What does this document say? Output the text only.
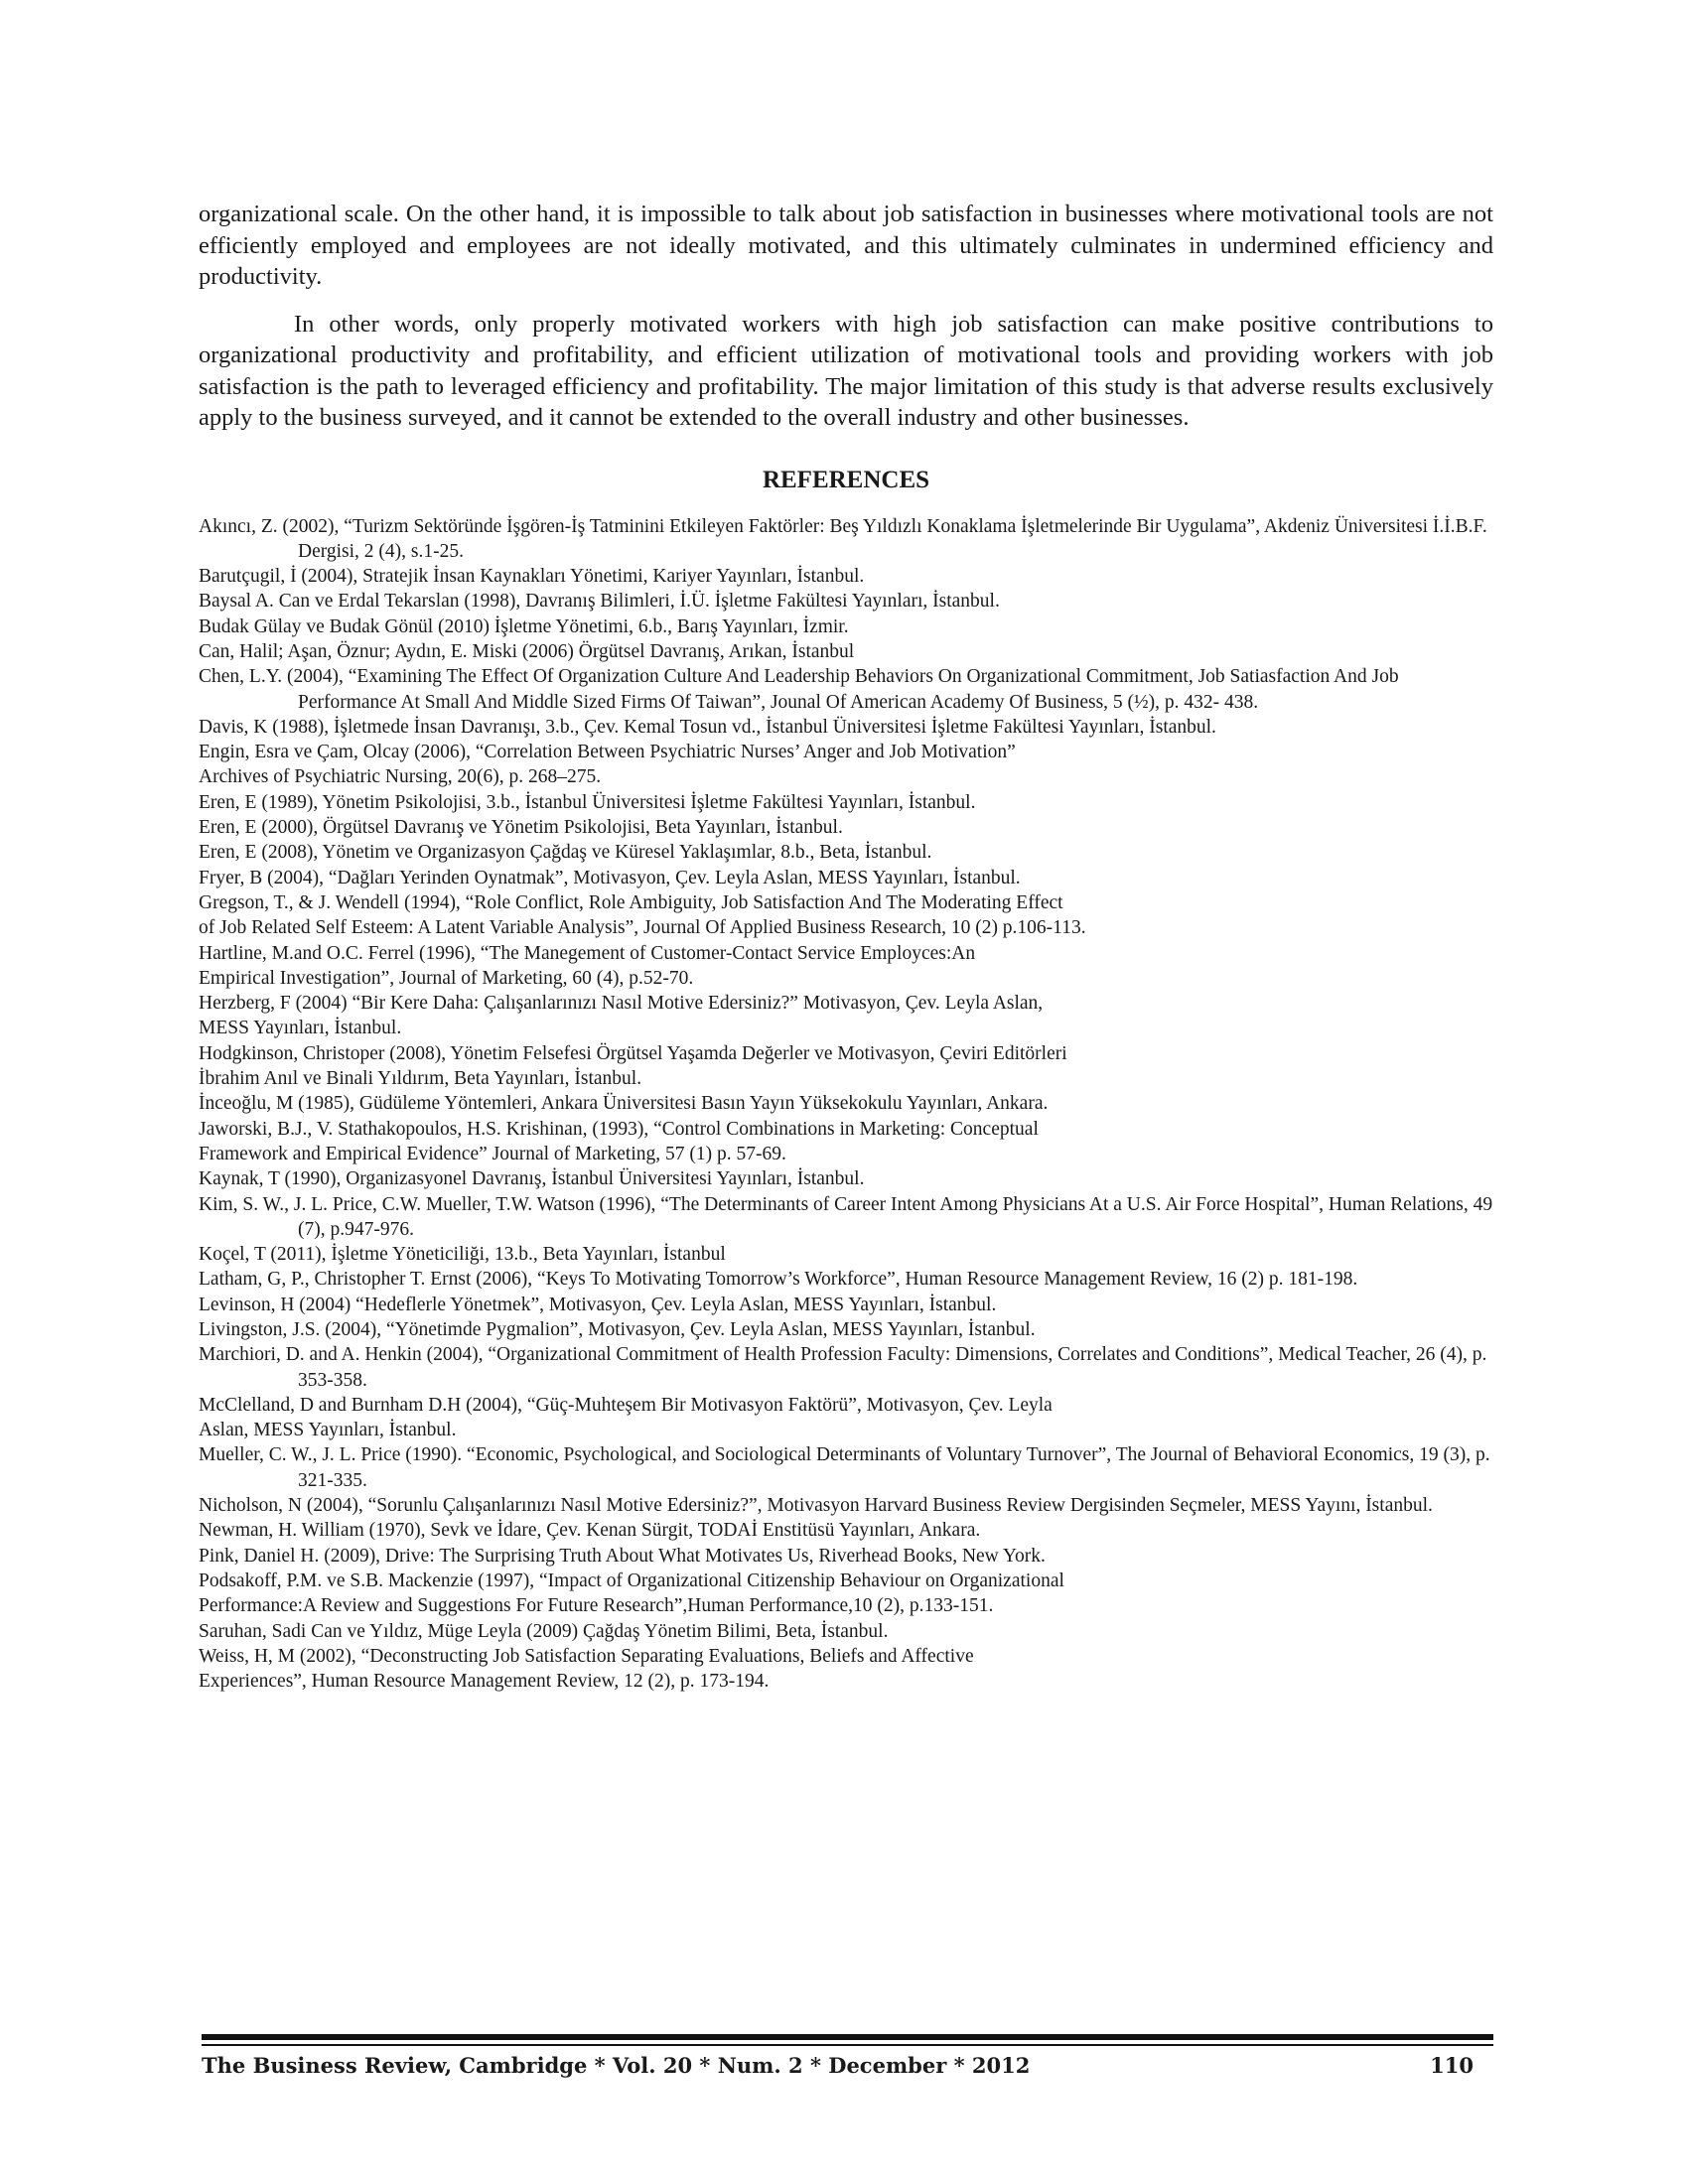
organizational scale. On the other hand, it is impossible to talk about job satisfaction in businesses where motivational tools are not efficiently employed and employees are not ideally motivated, and this ultimately culminates in undermined efficiency and productivity.

In other words, only properly motivated workers with high job satisfaction can make positive contributions to organizational productivity and profitability, and efficient utilization of motivational tools and providing workers with job satisfaction is the path to leveraged efficiency and profitability. The major limitation of this study is that adverse results exclusively apply to the business surveyed, and it cannot be extended to the overall industry and other businesses.

REFERENCES

Akıncı, Z. (2002), “Turizm Sektöründe İşgören-İş Tatminini Etkileyen Faktörler: Beş Yıldızlı Konaklama İşletmelerinde Bir Uygulama”, Akdeniz Üniversitesi İ.İ.B.F. Dergisi, 2 (4), s.1-25.

Barutçugil, İ (2004), Stratejik İnsan Kaynakları Yönetimi, Kariyer Yayınları, İstanbul.

Baysal A. Can ve Erdal Tekarslan (1998), Davranış Bilimleri, İ.Ü. İşletme Fakültesi Yayınları, İstanbul.

Budak Gülay ve Budak Gönül (2010) İşletme Yönetimi, 6.b., Barış Yayınları, İzmir.

Can, Halil; Aşan, Öznur; Aydın, E. Miski (2006) Örgütsel Davranış, Arıkan, İstanbul

Chen, L.Y. (2004), “Examining The Effect Of Organization Culture And Leadership Behaviors On Organizational Commitment, Job Satiasfaction And Job Performance At Small And Middle Sized Firms Of Taiwan”, Jounal Of American Academy Of Business, 5 (½), p. 432- 438.

Davis, K (1988), İşletmede İnsan Davranışı, 3.b., Çev. Kemal Tosun vd., İstanbul Üniversitesi İşletme Fakültesi Yayınları, İstanbul.

Engin, Esra ve Çam, Olcay (2006), “Correlation Between Psychiatric Nurses’ Anger and Job Motivation”

Archives of Psychiatric Nursing, 20(6), p. 268–275.

Eren, E (1989), Yönetim Psikolojisi, 3.b., İstanbul Üniversitesi İşletme Fakültesi Yayınları, İstanbul.

Eren, E (2000), Örgütsel Davranış ve Yönetim Psikolojisi, Beta Yayınları, İstanbul.

Eren, E (2008), Yönetim ve Organizasyon Çağdaş ve Küresel Yaklaşımlar, 8.b., Beta, İstanbul.

Fryer, B (2004), “Dağları Yerinden Oynatmak”, Motivasyon, Çev. Leyla Aslan, MESS Yayınları, İstanbul.

Gregson, T., & J. Wendell (1994), “Role Conflict, Role Ambiguity, Job Satisfaction And The Moderating Effect

of Job Related Self Esteem: A Latent Variable Analysis”, Journal Of Applied Business Research, 10 (2) p.106-113.

Hartline, M.and O.C. Ferrel (1996), “The Manegement of Customer-Contact Service Employces:An

Empirical Investigation”, Journal of Marketing, 60 (4), p.52-70.

Herzberg, F (2004) “Bir Kere Daha: Çalışanlarınızı Nasıl Motive Edersiniz?” Motivasyon, Çev. Leyla Aslan,

MESS Yayınları, İstanbul.

Hodgkinson, Christoper (2008), Yönetim Felsefesi Örgütsel Yaşamda Değerler ve Motivasyon, Çeviri Editörleri

İbrahim Anıl ve Binali Yıldırım, Beta Yayınları, İstanbul.

İnceoğlu, M (1985), Güdüleme Yöntemleri, Ankara Üniversitesi Basın Yayın Yüksekokulu Yayınları, Ankara.

Jaworski, B.J., V. Stathakopoulos, H.S. Krishinan, (1993), “Control Combinations in Marketing: Conceptual

Framework and Empirical Evidence” Journal of Marketing, 57 (1) p. 57-69.

Kaynak, T (1990), Organizasyonel Davranış, İstanbul Üniversitesi Yayınları, İstanbul.

Kim, S. W., J. L. Price, C.W. Mueller, T.W. Watson (1996), “The Determinants of Career Intent Among Physicians At a U.S. Air Force Hospital”, Human Relations, 49 (7), p.947-976.

Koçel, T (2011), İşletme Yöneticiliği, 13.b., Beta Yayınları, İstanbul

Latham, G, P., Christopher T. Ernst (2006), “Keys To Motivating Tomorrow’s Workforce”, Human Resource Management Review, 16 (2) p. 181-198.

Levinson, H (2004) “Hedeflerle Yönetmek”, Motivasyon, Çev. Leyla Aslan, MESS Yayınları, İstanbul.

Livingston, J.S. (2004), “Yönetimde Pygmalion”, Motivasyon, Çev. Leyla Aslan, MESS Yayınları, İstanbul.

Marchiori, D. and A. Henkin (2004), “Organizational Commitment of Health Profession Faculty: Dimensions, Correlates and Conditions”, Medical Teacher, 26 (4), p. 353-358.

McClelland, D and Burnham D.H (2004), “Güç-Muhteşem Bir Motivasyon Faktörü”, Motivasyon, Çev. Leyla

Aslan, MESS Yayınları, İstanbul.

Mueller, C. W., J. L. Price (1990). “Economic, Psychological, and Sociological Determinants of Voluntary Turnover”, The Journal of Behavioral Economics, 19 (3), p. 321-335.

Nicholson, N (2004), “Sorunlu Çalışanlarınızı Nasıl Motive Edersiniz?”, Motivasyon Harvard Business Review Dergisinden Seçmeler, MESS Yayını, İstanbul.

Newman, H. William (1970), Sevk ve İdare, Çev. Kenan Sürgit, TODAİ Enstitüsü Yayınları, Ankara.

Pink, Daniel H. (2009), Drive: The Surprising Truth About What Motivates Us, Riverhead Books, New York.

Podsakoff, P.M. ve S.B. Mackenzie (1997), “Impact of Organizational Citizenship Behaviour on Organizational

Performance:A Review and Suggestions For Future Research”,Human Performance,10 (2), p.133-151.

Saruhan, Sadi Can ve Yıldız, Müge Leyla (2009) Çağdaş Yönetim Bilimi, Beta, İstanbul.

Weiss, H, M (2002), “Deconstructing Job Satisfaction Separating Evaluations, Beliefs and Affective

Experiences”, Human Resource Management Review, 12 (2), p. 173-194.

The Business Review, Cambridge * Vol. 20 * Num. 2 * December * 2012	110
